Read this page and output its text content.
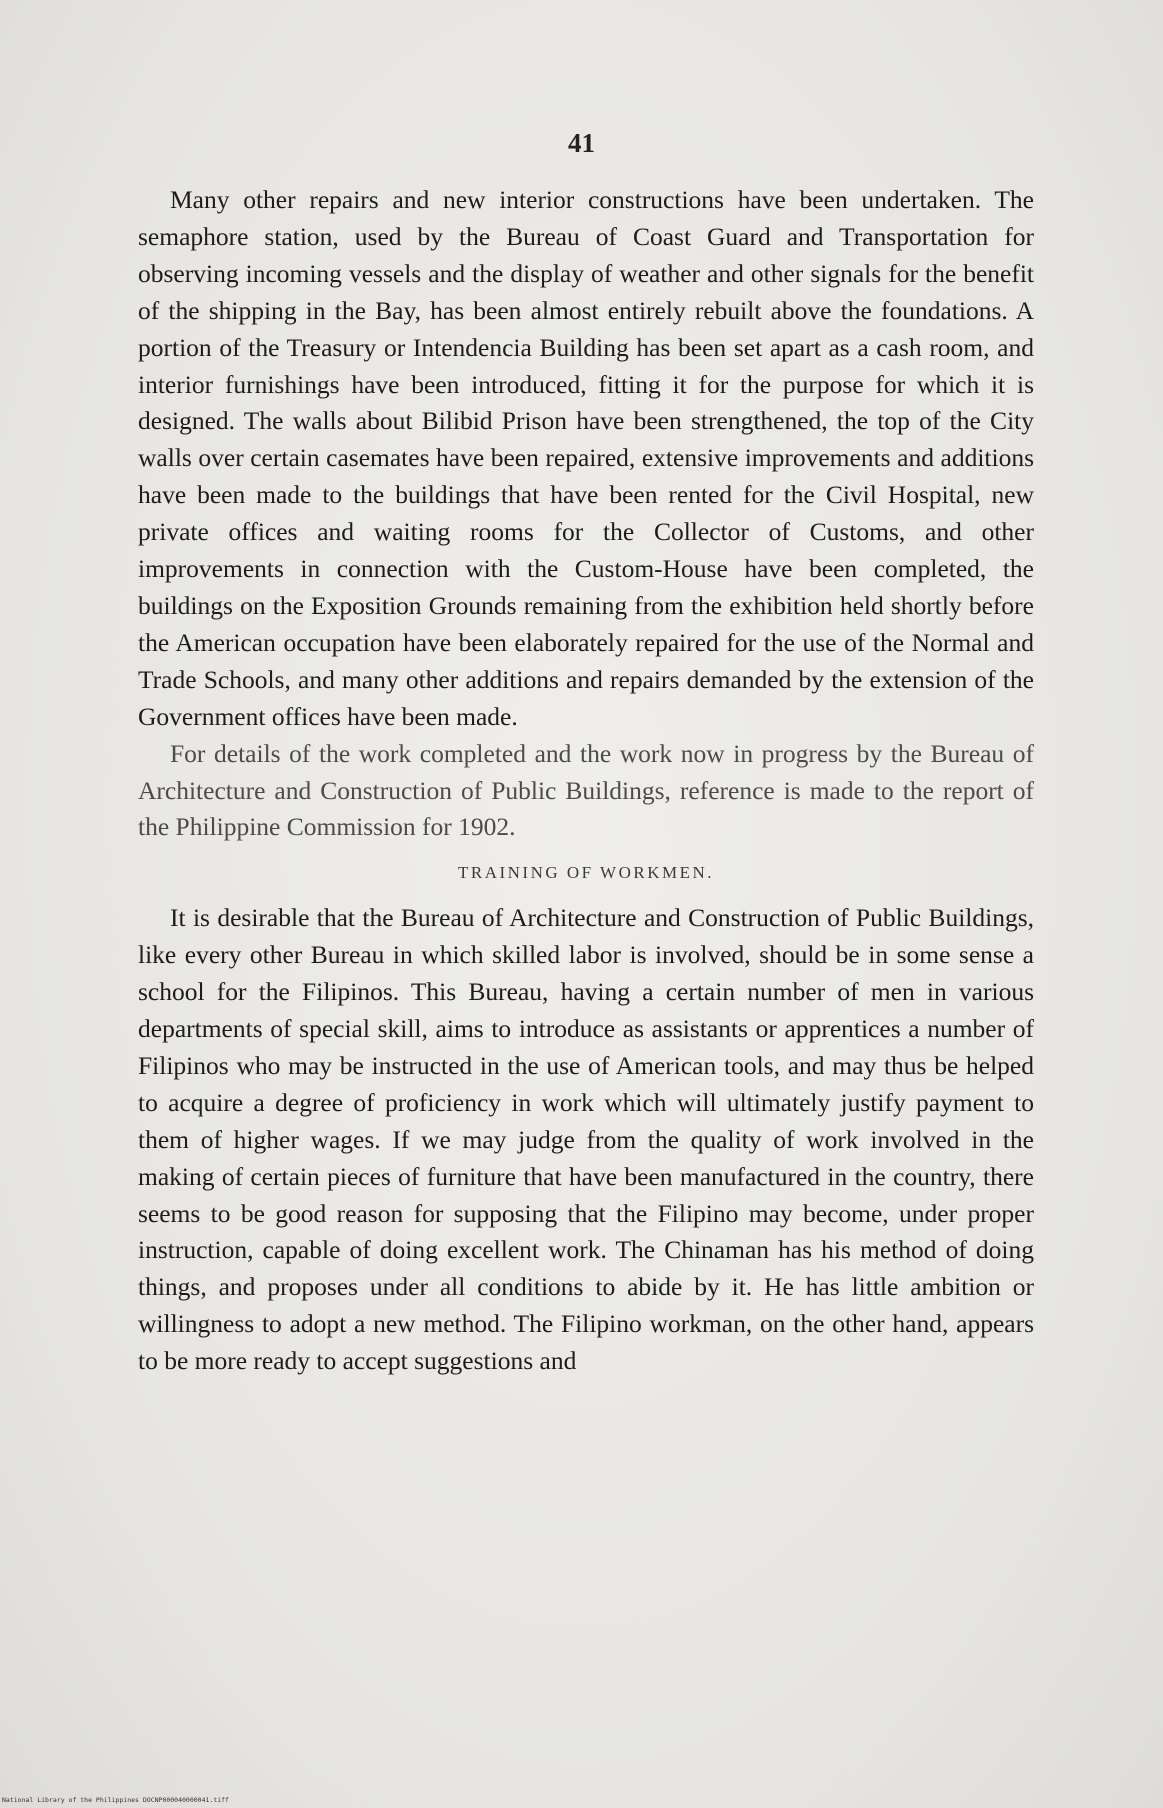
41

Many other repairs and new interior constructions have been undertaken. The semaphore station, used by the Bureau of Coast Guard and Transportation for observing incoming vessels and the display of weather and other signals for the benefit of the shipping in the Bay, has been almost entirely rebuilt above the foundations. A portion of the Treasury or Intendencia Building has been set apart as a cash room, and interior furnishings have been introduced, fitting it for the purpose for which it is designed. The walls about Bilibid Prison have been strengthened, the top of the City walls over certain casemates have been repaired, extensive improvements and additions have been made to the buildings that have been rented for the Civil Hospital, new private offices and waiting rooms for the Collector of Customs, and other improvements in connection with the Custom-House have been completed, the buildings on the Exposition Grounds remaining from the exhibition held shortly before the American occupation have been elaborately repaired for the use of the Normal and Trade Schools, and many other additions and repairs demanded by the extension of the Government offices have been made.

For details of the work completed and the work now in progress by the Bureau of Architecture and Construction of Public Buildings, reference is made to the report of the Philippine Commission for 1902.

TRAINING OF WORKMEN.

It is desirable that the Bureau of Architecture and Construction of Public Buildings, like every other Bureau in which skilled labor is involved, should be in some sense a school for the Filipinos. This Bureau, having a certain number of men in various departments of special skill, aims to introduce as assistants or apprentices a number of Filipinos who may be instructed in the use of American tools, and may thus be helped to acquire a degree of proficiency in work which will ultimately justify payment to them of higher wages. If we may judge from the quality of work involved in the making of certain pieces of furniture that have been manufactured in the country, there seems to be good reason for supposing that the Filipino may become, under proper instruction, capable of doing excellent work. The Chinaman has his method of doing things, and proposes under all conditions to abide by it. He has little ambition or willingness to adopt a new method. The Filipino workman, on the other hand, appears to be more ready to accept suggestions and

National Library of the Philippines DOCNP000040000041.tiff
